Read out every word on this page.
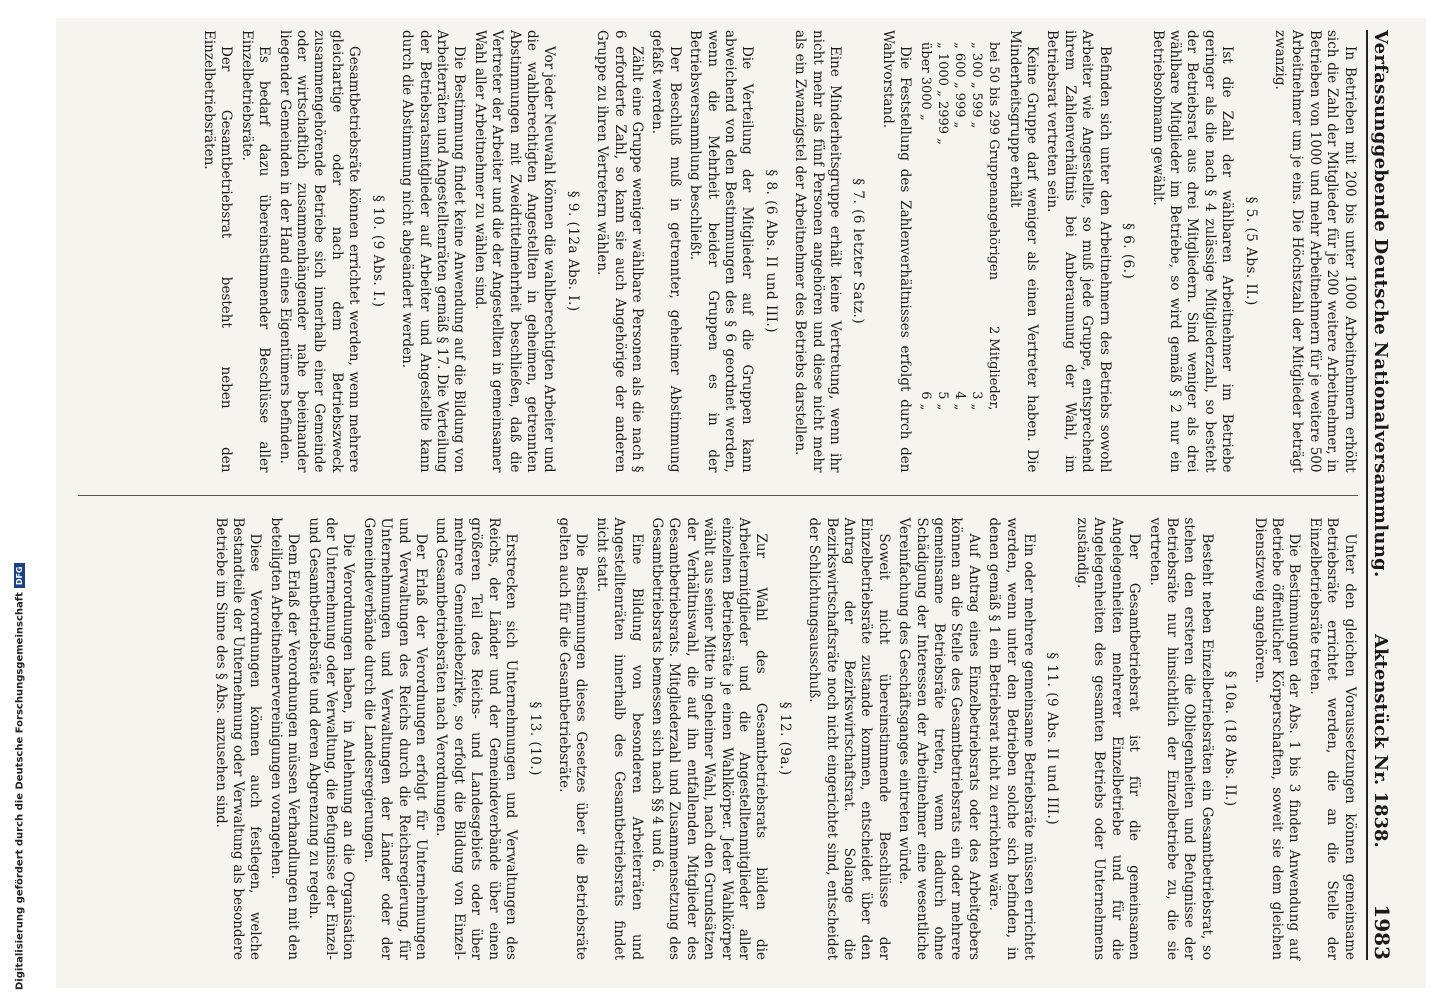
Digitalisierung gefördert durch die Deutsche ForschungsgemeinschaftDFG	Verfassunggebende Deutsche Nationalversammlung.
Aktenstück Nr. 1838.
1983

In Betrieben mit 200 bis unter 1000 Arbeitnehmern erhöht sich die Zahl der Mitglieder für je 200 weitere Arbeitnehmer, in Betrieben von 1000 und mehr Arbeitnehmern für je weitere 500 Arbeitnehmer um je eins. Die Höchstzahl der Mitglieder beträgt zwanzig.

§ 5. (5 Abs. II.)

Ist die Zahl der wählbaren Arbeitnehmer im Betriebe geringer als die nach § 4 zulässige Mitgliederzahl, so besteht der Betriebsrat aus drei Mitgliedern. Sind weniger als drei wählbare Mitglieder im Betriebe, so wird gemäß § 2 nur ein Betriebsobmann gewählt.

§ 6. (6.)

Befinden sich unter den Arbeitnehmern des Betriebs sowohl Arbeiter wie Angestellte, so muß jede Gruppe, entsprechend ihrem Zahlenverhältnis bei Anberaumung der Wahl, im Betriebsrat vertreten sein.

Keine Gruppe darf weniger als einen Vertreter haben. Die Minderheitsgruppe erhält

bei 50 bis 299 Gruppenangehörigen	2 Mitglieder,
„ 300 „ 599 „	3 „
„ 600 „ 999 „	4 „
„ 1000 „ 2999 „	5 „
über 3000 „	6 „

Die Feststellung des Zahlenverhältnisses erfolgt durch den Wahlvorstand.

§ 7. (6 letzter Satz.)

Eine Minderheitsgruppe erhält keine Vertretung, wenn ihr nicht mehr als fünf Personen angehören und diese nicht mehr als ein Zwanzigstel der Arbeitnehmer des Betriebs darstellen.

§ 8. (6 Abs. II und III.)

Die Verteilung der Mitglieder auf die Gruppen kann abweichend von den Bestimmungen des § 6 geordnet werden, wenn die Mehrheit beider Gruppen es in der Betriebsversammlung beschließt.

Der Beschluß muß in getrennter, geheimer Abstimmung gefaßt werden.

Zählt eine Gruppe weniger wählbare Personen als die nach § 6 erforderte Zahl, so kann sie auch Angehörige der anderen Gruppe zu ihren Vertretern wählen.

§ 9. (12a Abs. I.)

Vor jeder Neuwahl können die wahlberechtigten Arbeiter und die wahlberechtigten Angestellten in geheimen, getrennten Abstimmungen mit Zweidrittelmehrheit beschließen, daß die Vertreter der Arbeiter und die der Angestellten in gemeinsamer Wahl aller Arbeitnehmer zu wählen sind.

Die Bestimmung findet keine Anwendung auf die Bildung von Arbeiterräten und Angestelltenräten gemäß § 17. Die Verteilung der Betriebsratsmitglieder auf Arbeiter und Angestellte kann durch die Abstimmung nicht abgeändert werden.

§ 10. (9 Abs. I.)

Gesamtbetriebsräte können errichtet werden, wenn mehrere gleichartige oder nach dem Betriebszweck zusammengehörende Betriebe sich innerhalb einer Gemeinde oder wirtschaftlich zusammenhängender nahe beieinander liegender Gemeinden in der Hand eines Eigentümers befinden.

Es bedarf dazu übereinstimmender Beschlüsse aller Einzelbetriebsräte.

Der Gesamtbetriebsrat besteht neben den Einzelbetriebsräten.

Unter den gleichen Voraussetzungen können gemeinsame Betriebsräte errichtet werden, die an die Stelle der Einzelbetriebsräte treten.

Die Bestimmungen der Abs. 1 bis 3 finden Anwendung auf Betriebe öffentlicher Körperschaften, soweit sie dem gleichen Dienstzweig angehören.

§ 10a. (18 Abs. II.)

Besteht neben Einzelbetriebsräten ein Gesamtbetriebsrat, so stehen den ersteren die Obliegenheiten und Befugnisse der Betriebsräte nur hinsichtlich der Einzelbetriebe zu, die sie vertreten.

Der Gesamtbetriebsrat ist für die gemeinsamen Angelegenheiten mehrerer Einzelbetriebe und für die Angelegenheiten des gesamten Betriebs oder Unternehmens zuständig.

§ 11. (9 Abs. II und III.)

Ein oder mehrere gemeinsame Betriebsräte müssen errichtet werden, wenn unter den Betrieben solche sich befinden, in denen gemäß § 1 ein Betriebsrat nicht zu errichten wäre.

Auf Antrag eines Einzelbetriebsrats oder des Arbeitgebers können an die Stelle des Gesamtbetriebsrats ein oder mehrere gemeinsame Betriebsräte treten, wenn dadurch ohne Schädigung der Interessen der Arbeitnehmer eine wesentliche Vereinfachung des Geschäftsganges eintreten würde.

Soweit nicht übereinstimmende Beschlüsse der Einzelbetriebsräte zustande kommen, entscheidet über den Antrag der Bezirkswirtschaftsrat. Solange die Bezirkswirtschaftsräte noch nicht eingerichtet sind, entscheidet der Schlichtungsausschuß.

§ 12. (9a.)

Zur Wahl des Gesamtbetriebsrats bilden die Arbeitermitglieder und die Angestelltenmitglieder aller einzelnen Betriebsräte je einen Wahlkörper. Jeder Wahlkörper wählt aus seiner Mitte in geheimer Wahl, nach den Grundsätzen der Verhältniswahl, die auf ihn entfallenden Mitglieder des Gesamtbetriebsrats. Mitgliederzahl und Zusammensetzung des Gesamtbetriebsrats bemessen sich nach §§ 4 und 6.

Eine Bildung von besonderen Arbeiterräten und Angestelltenräten innerhalb des Gesamtbetriebsrats findet nicht statt.

Die Bestimmungen dieses Gesetzes über die Betriebsräte gelten auch für die Gesamtbetriebsräte.

§ 13. (10.)

Erstrecken sich Unternehmungen und Verwaltungen des Reichs, der Länder und der Gemeindeverbände über einen größeren Teil des Reichs- und Landesgebiets oder über mehrere Gemeindebezirke, so erfolgt die Bildung von Einzel- und Gesamtbetriebsräten nach Verordnungen.

Der Erlaß der Verordnungen erfolgt für Unternehmungen und Verwaltungen des Reichs durch die Reichsregierung, für Unternehmungen und Verwaltungen der Länder oder der Gemeindeverbände durch die Landesregierungen.

Die Verordnungen haben, in Anlehnung an die Organisation der Unternehmung oder Verwaltung, die Befugnisse der Einzel- und Gesamtbetriebsräte und deren Abgrenzung zu regeln.

Dem Erlaß der Verordnungen müssen Verhandlungen mit den beteiligten Arbeitnehmervereinigungen vorangehen.

Diese Verordnungen können auch festlegen, welche Bestandteile der Unternehmung oder Verwaltung als besondere Betriebe im Sinne des § Abs. anzusehen sind.
